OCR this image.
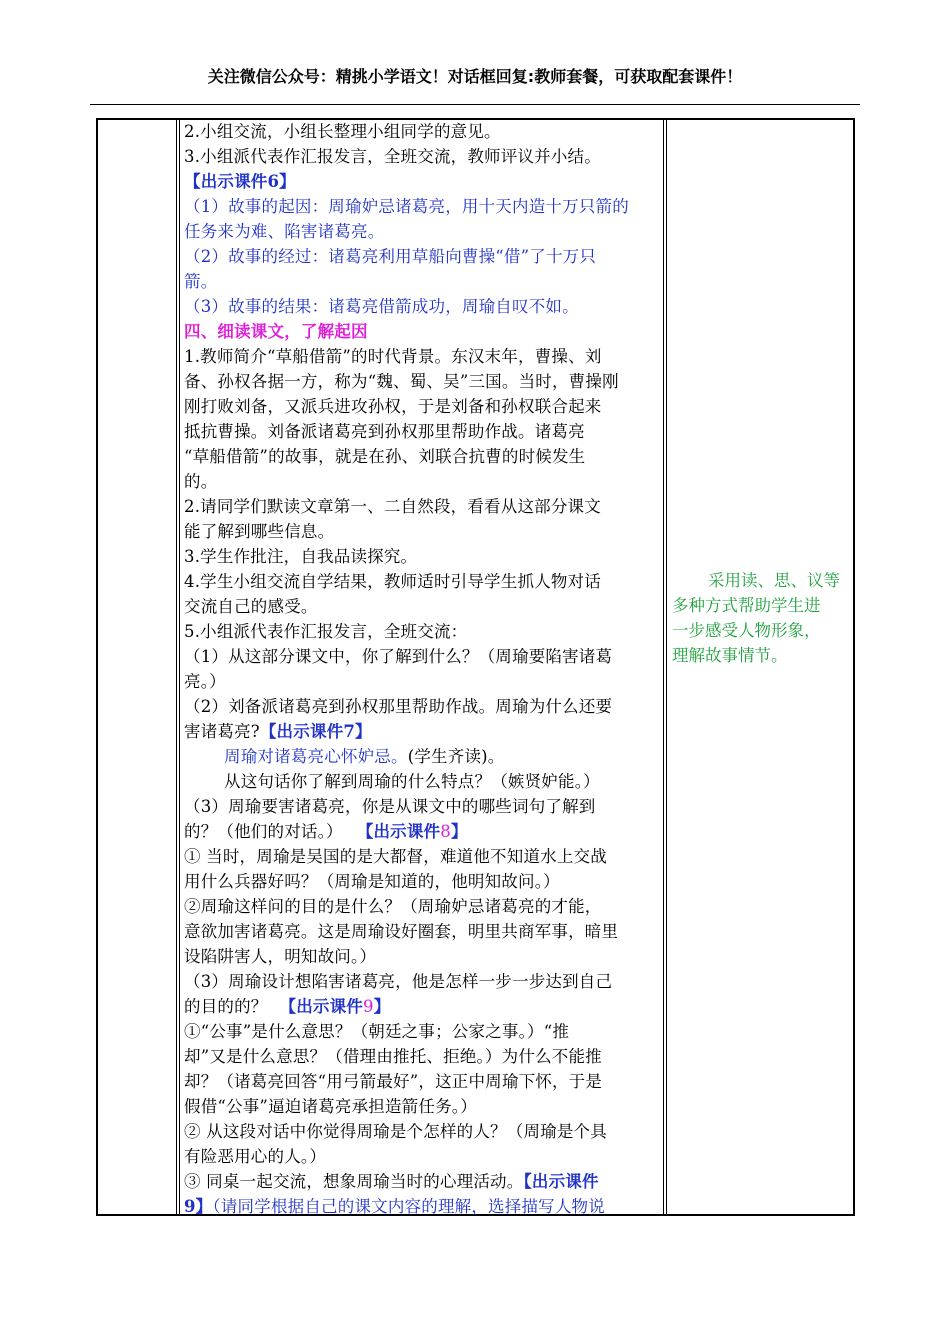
关注微信公众号：精挑小学语文！对话框回复:教师套餐，可获取配套课件！

2.小组交流，小组长整理小组同学的意见。

3.小组派代表作汇报发言，全班交流，教师评议并小结。

【出示课件6】

（1）故事的起因：周瑜妒忌诸葛亮，用十天内造十万只箭的

任务来为难、陷害诸葛亮。

（2）故事的经过：诸葛亮利用草船向曹操“借”了十万只

箭。

（3）故事的结果：诸葛亮借箭成功，周瑜自叹不如。

四、细读课文，了解起因

1.教师简介“草船借箭”的时代背景。东汉末年，曹操、刘

备、孙权各据一方，称为“魏、蜀、吴”三国。当时，曹操刚

刚打败刘备，又派兵进攻孙权，于是刘备和孙权联合起来

抵抗曹操。刘备派诸葛亮到孙权那里帮助作战。诸葛亮

“草船借箭”的故事，就是在孙、刘联合抗曹的时候发生

的。

2.请同学们默读文章第一、二自然段，看看从这部分课文

能了解到哪些信息。

3.学生作批注，自我品读探究。

4.学生小组交流自学结果，教师适时引导学生抓人物对话

交流自己的感受。

5.小组派代表作汇报发言，全班交流：

（1）从这部分课文中，你了解到什么？（周瑜要陷害诸葛

亮。）

（2）刘备派诸葛亮到孙权那里帮助作战。周瑜为什么还要

害诸葛亮?【出示课件7】

周瑜对诸葛亮心怀妒忌。(学生齐读)。

从这句话你了解到周瑜的什么特点？（嫉贤妒能。）

（3）周瑜要害诸葛亮，你是从课文中的哪些词句了解到

的？（他们的对话。） 【出示课件8】

① 当时，周瑜是吴国的是大都督，难道他不知道水上交战

用什么兵器好吗？（周瑜是知道的，他明知故问。）

②周瑜这样问的目的是什么？（周瑜妒忌诸葛亮的才能，

意欲加害诸葛亮。这是周瑜设好圈套，明里共商军事，暗里

设陷阱害人，明知故问。）

（3）周瑜设计想陷害诸葛亮，他是怎样一步一步达到自己

的目的的？ 【出示课件9】

①“公事”是什么意思？（朝廷之事；公家之事。）“推

却”又是什么意思？（借理由推托、拒绝。）为什么不能推

却？（诸葛亮回答“用弓箭最好”，这正中周瑜下怀，于是

假借“公事”逼迫诸葛亮承担造箭任务。）

② 从这段对话中你觉得周瑜是个怎样的人？（周瑜是个具

有险恶用心的人。）

③ 同桌一起交流，想象周瑜当时的心理活动。【出示课件

9】（请同学根据自己的课文内容的理解，选择描写人物说

采用读、思、议等

多种方式帮助学生进

一步感受人物形象，

理解故事情节。
